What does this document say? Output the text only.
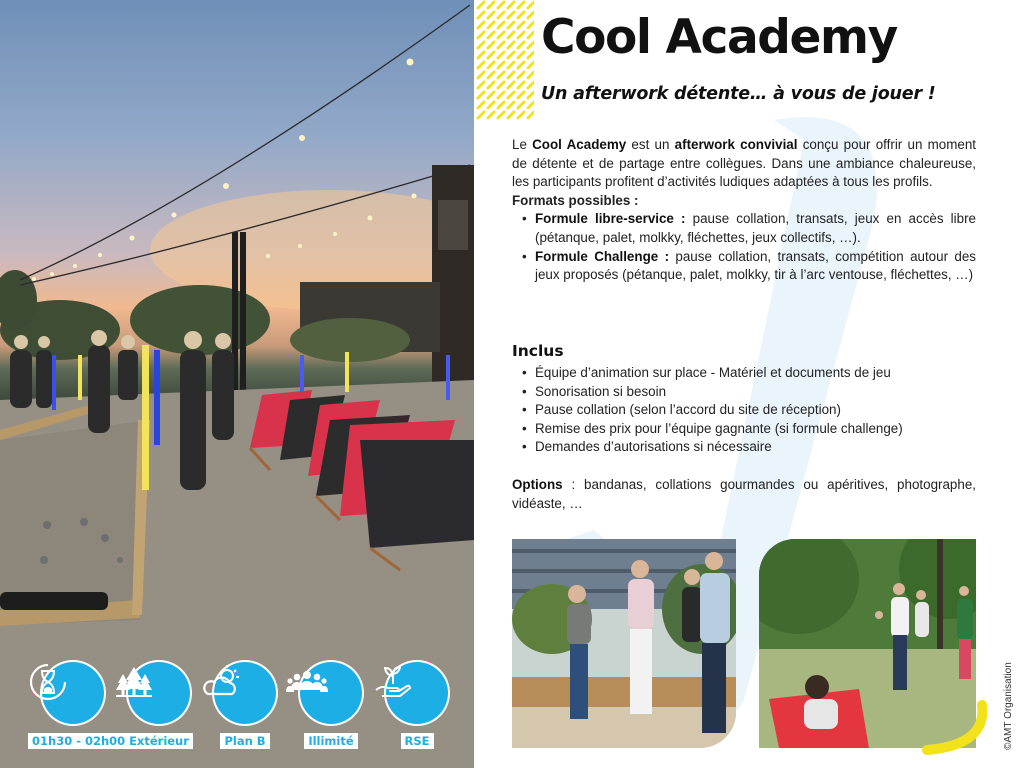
01h30 - 02h00 Extérieur	Plan B	Illimité	RSE
Cool Academy
Un afterwork détente… à vous de jouer !

Le Cool Academy est un afterwork convivial conçu pour offrir un moment de détente et de partage entre collègues. Dans une ambiance chaleureuse, les participants profitent d’activités ludiques adaptées à tous les profils.

Formats possibles :
• Formule libre-service : pause collation, transats, jeux en accès libre (pétanque, palet, molkky, fléchettes, jeux collectifs, …).
• Formule Challenge : pause collation, transats, compétition autour des jeux proposés (pétanque, palet, molkky, tir à l’arc ventouse, fléchettes, …)
Inclus
• Équipe d’animation sur place - Matériel et documents de jeu
• Sonorisation si besoin
• Pause collation (selon l’accord du site de réception)
• Remise des prix pour l’équipe gagnante (si formule challenge)
• Demandes d’autorisations si nécessaire

Options : bandanas, collations gourmandes ou apéritives, photographe, vidéaste, …

©AMT Organisation
